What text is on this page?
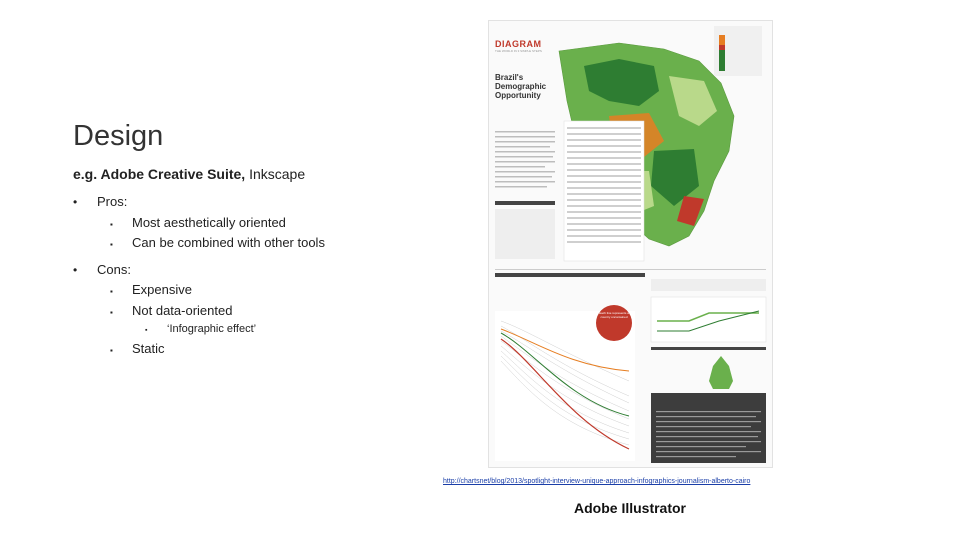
Design
e.g. Adobe Creative Suite, Inkscape
•	Pros:
▪	Most aesthetically oriented
▪	Can be combined with other tools
•	Cons:
▪	Expensive
▪	Not data-oriented
▪	‘Infographic effect’
▪	Static
DIAGRAM
THE WORLD IN 3 SIMPLE STEPS
Brazil's Demographic Opportunity
Each line represents a country uncontained
http://chartsnet/blog/2013/spotlight-interview-unique-approach-infographics-journalism-alberto-cairo
Adobe Illustrator
